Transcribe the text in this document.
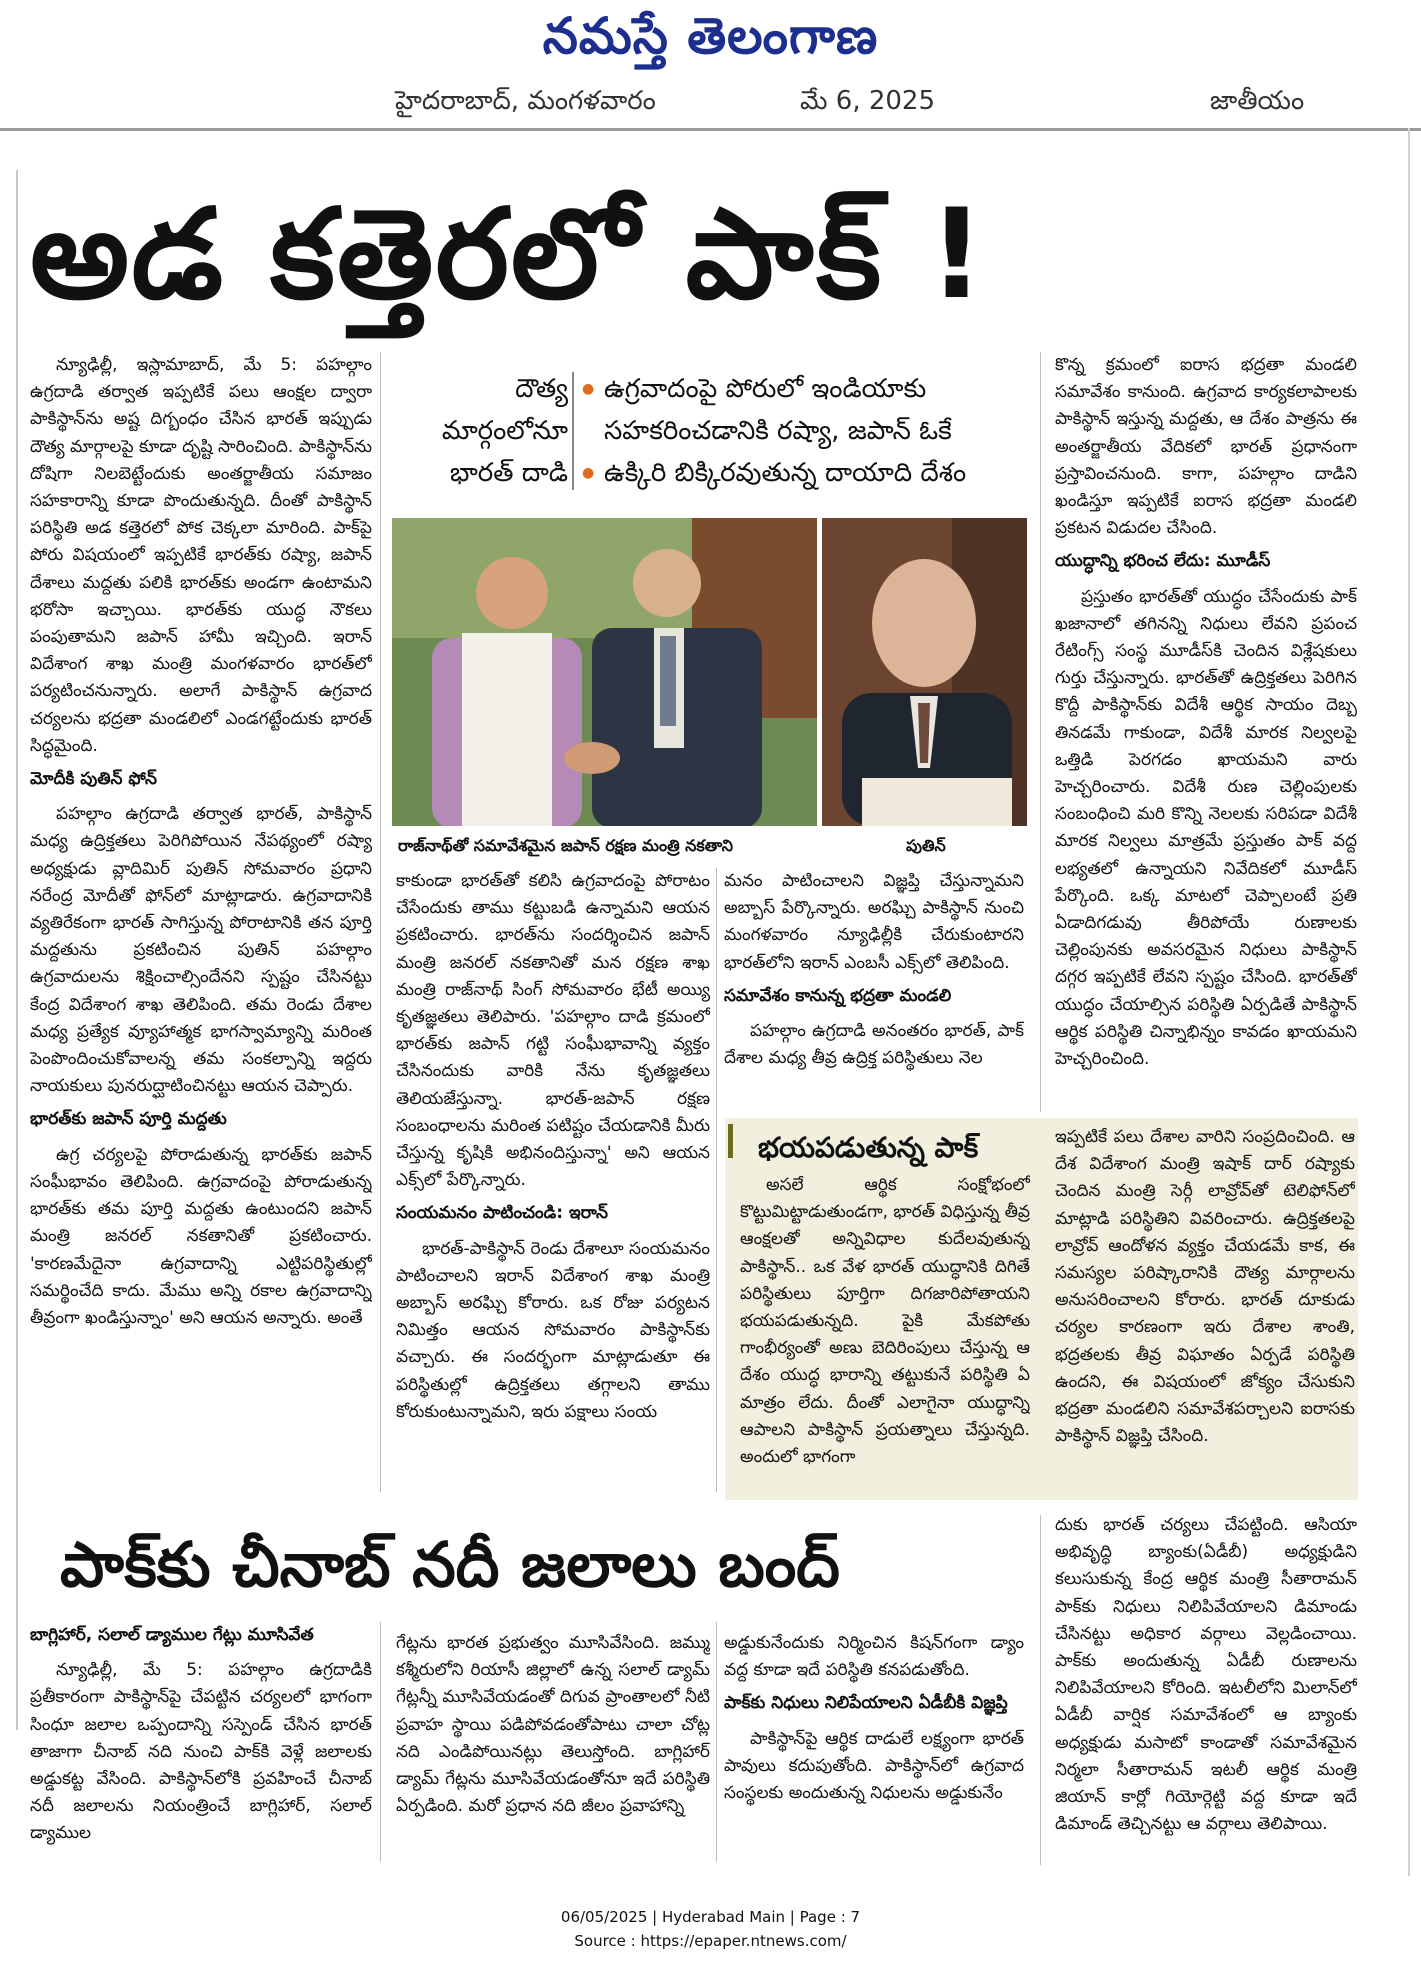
నమస్తే తెలంగాణ
హైదరాబాద్, మంగళవారం	మే 6, 2025	జాతీయం
అడ కత్తెరలో పాక్ !

న్యూఢిల్లీ, ఇస్లామాబాద్, మే 5: పహల్గాం ఉగ్రదాడి తర్వాత ఇప్పటికే పలు ఆంక్షల ద్వారా పాకిస్థాన్‌ను అష్ట దిగ్బంధం చేసిన భారత్ ఇప్పుడు దౌత్య మార్గాలపై కూడా దృష్టి సారించింది. పాకిస్థాన్‌ను దోషిగా నిలబెట్టేందుకు అంతర్జాతీయ సమాజం సహకారాన్ని కూడా పొందుతున్నది. దీంతో పాకిస్థాన్ పరిస్థితి అడ కత్తెరలో పోక చెక్కలా మారింది. పాక్‌పై పోరు విషయంలో ఇప్పటికే భారత్‌కు రష్యా, జపాన్ దేశాలు మద్దతు పలికి భారత్‌కు అండగా ఉంటామని భరోసా ఇచ్చాయి. భారత్‌కు యుద్ధ నౌకలు పంపుతామని జపాన్ హామీ ఇచ్చింది. ఇరాన్ విదేశాంగ శాఖ మంత్రి మంగళవారం భారత్‌లో పర్యటించనున్నారు. అలాగే పాకిస్థాన్ ఉగ్రవాద చర్యలను భద్రతా మండలిలో ఎండగట్టేందుకు భారత్ సిద్ధమైంది.

మోదీకి పుతిన్ ఫోన్

పహల్గాం ఉగ్రదాడి తర్వాత భారత్, పాకిస్థాన్ మధ్య ఉద్రిక్తతలు పెరిగిపోయిన నేపథ్యంలో రష్యా అధ్యక్షుడు వ్లాదిమిర్ పుతిన్ సోమవారం ప్రధాని నరేంద్ర మోదీతో ఫోన్‌లో మాట్లాడారు. ఉగ్రవాదానికి వ్యతిరేకంగా భారత్ సాగిస్తున్న పోరాటానికి తన పూర్తి మద్దతును ప్రకటించిన పుతిన్ పహల్గాం ఉగ్రవాదులను శిక్షించాల్సిందేనని స్పష్టం చేసినట్టు కేంద్ర విదేశాంగ శాఖ తెలిపింది. తమ రెండు దేశాల మధ్య ప్రత్యేక వ్యూహాత్మక భాగస్వామ్యాన్ని మరింత పెంపొందించుకోవాలన్న తమ సంకల్పాన్ని ఇద్దరు నాయకులు పునరుద్ఘాటించినట్టు ఆయన చెప్పారు.

భారత్‌కు జపాన్ పూర్తి మద్దతు

ఉగ్ర చర్యలపై పోరాడుతున్న భారత్‌కు జపాన్ సంఘీభావం తెలిపింది. ఉగ్రవాదంపై పోరాడుతున్న భారత్‌కు తమ పూర్తి మద్దతు ఉంటుందని జపాన్ మంత్రి జనరల్ నకతానితో ప్రకటించారు. 'కారణమేదైనా ఉగ్రవాదాన్ని ఎట్టిపరిస్థితుల్లో సమర్థించేది కాదు. మేము అన్ని రకాల ఉగ్రవాదాన్ని తీవ్రంగా ఖండిస్తున్నాం' అని ఆయన అన్నారు. అంతే

దౌత్య
మార్గంలోనూ
భారత్ దాడి
● ఉగ్రవాదంపై పోరులో ఇండియాకు సహకరించడానికి రష్యా, జపాన్ ఓకే
● ఉక్కిరి బిక్కిరవుతున్న దాయాది దేశం
రాజ్‌నాథ్‌తో సమావేశమైన జపాన్ రక్షణ మంత్రి నకతాని	పుతిన్

కాకుండా భారత్‌తో కలిసి ఉగ్రవాదంపై పోరాటం చేసేందుకు తాము కట్టుబడి ఉన్నామని ఆయన ప్రకటించారు. భారత్‌ను సందర్శించిన జపాన్ మంత్రి జనరల్ నకతానితో మన రక్షణ శాఖ మంత్రి రాజ్‌నాథ్ సింగ్ సోమవారం భేటీ అయ్యి కృతజ్ఞతలు తెలిపారు. 'పహల్గాం దాడి క్రమంలో భారత్‌కు జపాన్ గట్టి సంఘీభావాన్ని వ్యక్తం చేసినందుకు వారికి నేను కృతజ్ఞతలు తెలియజేస్తున్నా. భారత్-జపాన్ రక్షణ సంబంధాలను మరింత పటిష్టం చేయడానికి మీరు చేస్తున్న కృషికి అభినందిస్తున్నా' అని ఆయన ఎక్స్‌లో పేర్కొన్నారు.

సంయమనం పాటించండి: ఇరాన్

భారత్-పాకిస్థాన్ రెండు దేశాలూ సంయమనం పాటించాలని ఇరాన్ విదేశాంగ శాఖ మంత్రి అబ్బాస్ అరఘ్చి కోరారు. ఒక రోజు పర్యటన నిమిత్తం ఆయన సోమవారం పాకిస్థాన్‌కు వచ్చారు. ఈ సందర్భంగా మాట్లాడుతూ ఈ పరిస్థితుల్లో ఉద్రిక్తతలు తగ్గాలని తాము కోరుకుంటున్నామని, ఇరు పక్షాలు సంయ

మనం పాటించాలని విజ్ఞప్తి చేస్తున్నామని అబ్బాస్ పేర్కొన్నారు. అరఘ్చి పాకిస్థాన్ నుంచి మంగళవారం న్యూఢిల్లీకి చేరుకుంటారని భారత్‌లోని ఇరాన్ ఎంబసీ ఎక్స్‌లో తెలిపింది.

సమావేశం కానున్న భద్రతా మండలి

పహల్గాం ఉగ్రదాడి అనంతరం భారత్, పాక్ దేశాల మధ్య తీవ్ర ఉద్రిక్త పరిస్థితులు నెల

కొన్న క్రమంలో ఐరాస భద్రతా మండలి సమావేశం కానుంది. ఉగ్రవాద కార్యకలాపాలకు పాకిస్థాన్ ఇస్తున్న మద్దతు, ఆ దేశం పాత్రను ఈ అంతర్జాతీయ వేదికలో భారత్ ప్రధానంగా ప్రస్తావించనుంది. కాగా, పహల్గాం దాడిని ఖండిస్తూ ఇప్పటికే ఐరాస భద్రతా మండలి ప్రకటన విడుదల చేసింది.

యుద్ధాన్ని భరించ లేదు: మూడీస్

ప్రస్తుతం భారత్‌తో యుద్ధం చేసేందుకు పాక్ ఖజానాలో తగినన్ని నిధులు లేవని ప్రపంచ రేటింగ్స్ సంస్థ మూడీస్‌కి చెందిన విశ్లేషకులు గుర్తు చేస్తున్నారు. భారత్‌తో ఉద్రిక్తతలు పెరిగిన కొద్దీ పాకిస్థాన్‌కు విదేశీ ఆర్థిక సాయం దెబ్బ తినడమే గాకుండా, విదేశీ మారక నిల్వలపై ఒత్తిడి పెరగడం ఖాయమని వారు హెచ్చరించారు. విదేశీ రుణ చెల్లింపులకు సంబంధించి మరి కొన్ని నెలలకు సరిపడా విదేశీ మారక నిల్వలు మాత్రమే ప్రస్తుతం పాక్ వద్ద లభ్యతలో ఉన్నాయని నివేదికలో మూడీస్ పేర్కొంది. ఒక్క మాటలో చెప్పాలంటే ప్రతి ఏడాదిగడువు తీరిపోయే రుణాలకు చెల్లింపునకు అవసరమైన నిధులు పాకిస్థాన్ దగ్గర ఇప్పటికే లేవని స్పష్టం చేసింది. భారత్‌తో యుద్ధం చేయాల్సిన పరిస్థితి ఏర్పడితే పాకిస్థాన్ ఆర్థిక పరిస్థితి చిన్నాభిన్నం కావడం ఖాయమని హెచ్చరించింది.

భయపడుతున్న పాక్

అసలే ఆర్థిక సంక్షోభంలో కొట్టుమిట్టాడుతుండగా, భారత్ విధిస్తున్న తీవ్ర ఆంక్షలతో అన్నివిధాల కుదేలవుతున్న పాకిస్థాన్.. ఒక వేళ భారత్ యుద్ధానికి దిగితే పరిస్థితులు పూర్తిగా దిగజారిపోతాయని భయపడుతున్నది. పైకి మేకపోతు గాంభీర్యంతో అణు బెదిరింపులు చేస్తున్న ఆ దేశం యుద్ధ భారాన్ని తట్టుకునే పరిస్థితి ఏ మాత్రం లేదు. దీంతో ఎలాగైనా యుద్ధాన్ని ఆపాలని పాకిస్థాన్ ప్రయత్నాలు చేస్తున్నది. అందులో భాగంగా

ఇప్పటికే పలు దేశాల వారిని సంప్రదించింది. ఆ దేశ విదేశాంగ మంత్రి ఇషాక్ దార్ రష్యాకు చెందిన మంత్రి సెర్గీ లావ్రోవ్‌తో టెలిఫోన్‌లో మాట్లాడి పరిస్థితిని వివరించారు. ఉద్రిక్తతలపై లావ్రోవ్ ఆందోళన వ్యక్తం చేయడమే కాక, ఈ సమస్యల పరిష్కారానికి దౌత్య మార్గాలను అనుసరించాలని కోరారు. భారత్ దూకుడు చర్యల కారణంగా ఇరు దేశాల శాంతి, భద్రతలకు తీవ్ర విఘాతం ఏర్పడే పరిస్థితి ఉందని, ఈ విషయంలో జోక్యం చేసుకుని భద్రతా మండలిని సమావేశపర్చాలని ఐరాసకు పాకిస్థాన్ విజ్ఞప్తి చేసింది.

పాక్‌కు చీనాబ్ నదీ జలాలు బంద్

దుకు భారత్ చర్యలు చేపట్టింది. ఆసియా అభివృద్ధి బ్యాంకు(ఏడీబీ) అధ్యక్షుడిని కలుసుకున్న కేంద్ర ఆర్థిక మంత్రి సీతారామన్ పాక్‌కు నిధులు నిలిపివేయాలని డిమాండు చేసినట్టు అధికార వర్గాలు వెల్లడించాయి. పాక్‌కు అందుతున్న ఏడీబీ రుణాలను నిలిపివేయాలని కోరింది. ఇటలీలోని మిలాన్‌లో ఏడీబీ వార్షిక సమావేశంలో ఆ బ్యాంకు అధ్యక్షుడు మసాటో కాండాతో సమావేశమైన నిర్మలా సీతారామన్ ఇటలీ ఆర్థిక మంత్రి జియాన్ కార్లో గియోర్గెట్టి వద్ద కూడా ఇదే డిమాండ్ తెచ్చినట్టు ఆ వర్గాలు తెలిపాయి.

బాగ్లిహార్, సలాల్ డ్యాముల గేట్లు మూసివేత

న్యూఢిల్లీ, మే 5: పహల్గాం ఉగ్రదాడికి ప్రతీకారంగా పాకిస్థాన్‌పై చేపట్టిన చర్యలలో భాగంగా సింధూ జలాల ఒప్పందాన్ని సస్పెండ్ చేసిన భారత్ తాజాగా చీనాబ్ నది నుంచి పాక్‌కి వెళ్లే జలాలకు అడ్డుకట్ట వేసింది. పాకిస్థాన్‌లోకి ప్రవహించే చీనాబ్ నదీ జలాలను నియంత్రించే బాగ్లిహార్, సలాల్ డ్యాముల

గేట్లను భారత ప్రభుత్వం మూసివేసింది. జమ్ము కశ్మీరులోని రియాసీ జిల్లాలో ఉన్న సలాల్ డ్యామ్ గేట్లన్నీ మూసివేయడంతో దిగువ ప్రాంతాలలో నీటి ప్రవాహ స్థాయి పడిపోవడంతోపాటు చాలా చోట్ల నది ఎండిపోయినట్లు తెలుస్తోంది. బాగ్లిహార్ డ్యామ్ గేట్లను మూసివేయడంతోనూ ఇదే పరిస్థితి ఏర్పడింది. మరో ప్రధాన నది జీలం ప్రవాహాన్ని

అడ్డుకునేందుకు నిర్మించిన కిషన్‌గంగా డ్యాం వద్ద కూడా ఇదే పరిస్థితి కనపడుతోంది.

పాక్‌కు నిధులు నిలిపేయాలని ఏడీబీకి విజ్ఞప్తి

పాకిస్థాన్‌పై ఆర్థిక దాడులే లక్ష్యంగా భారత్ పావులు కదుపుతోంది. పాకిస్థాన్‌లో ఉగ్రవాద సంస్థలకు అందుతున్న నిధులను అడ్డుకునేం

06/05/2025 | Hyderabad Main | Page : 7
Source : https://epaper.ntnews.com/
